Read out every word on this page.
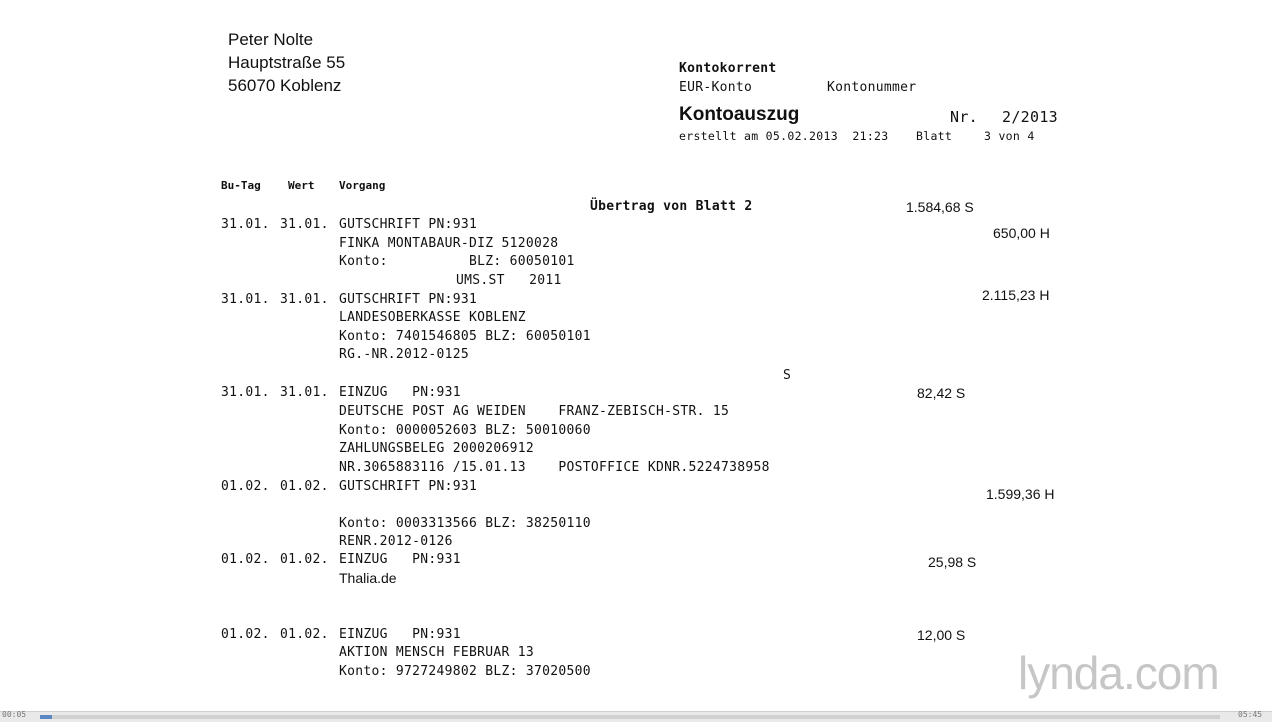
Peter Nolte
Hauptstraße 55
56070 Koblenz
Kontokorrent
EUR-Konto	Kontonummer
Kontoauszug	Nr. 2/2013
erstellt am 05.02.2013  21:23 Blatt	3 von 4
Bu-Tag Wert Vorgang
Übertrag von Blatt 2	1.584,68 S
31.01. 31.01. GUTSCHRIFT PN:931
FINKA MONTABAUR-DIZ 5120028
Konto:          BLZ: 60050101
UMS.ST   2011
650,00 H
31.01. 31.01. GUTSCHRIFT PN:931
LANDESOBERKASSE KOBLENZ
Konto: 7401546805 BLZ: 60050101
RG.-NR.2012-0125
2.115,23 H
S
31.01. 31.01. EINZUG   PN:931
DEUTSCHE POST AG WEIDEN    FRANZ-ZEBISCH-STR. 15
Konto: 0000052603 BLZ: 50010060
ZAHLUNGSBELEG 2000206912
NR.3065883116 /15.01.13    POSTOFFICE KDNR.5224738958
82,42 S
01.02. 01.02. GUTSCHRIFT PN:931
Konto: 0003313566 BLZ: 38250110
RENR.2012-0126
1.599,36 H
01.02. 01.02. EINZUG   PN:931
Thalia.de
25,98 S
01.02. 01.02. EINZUG   PN:931
AKTION MENSCH FEBRUAR 13
Konto: 9727249802 BLZ: 37020500
12,00 S
lynda.com
00:05	05:45
